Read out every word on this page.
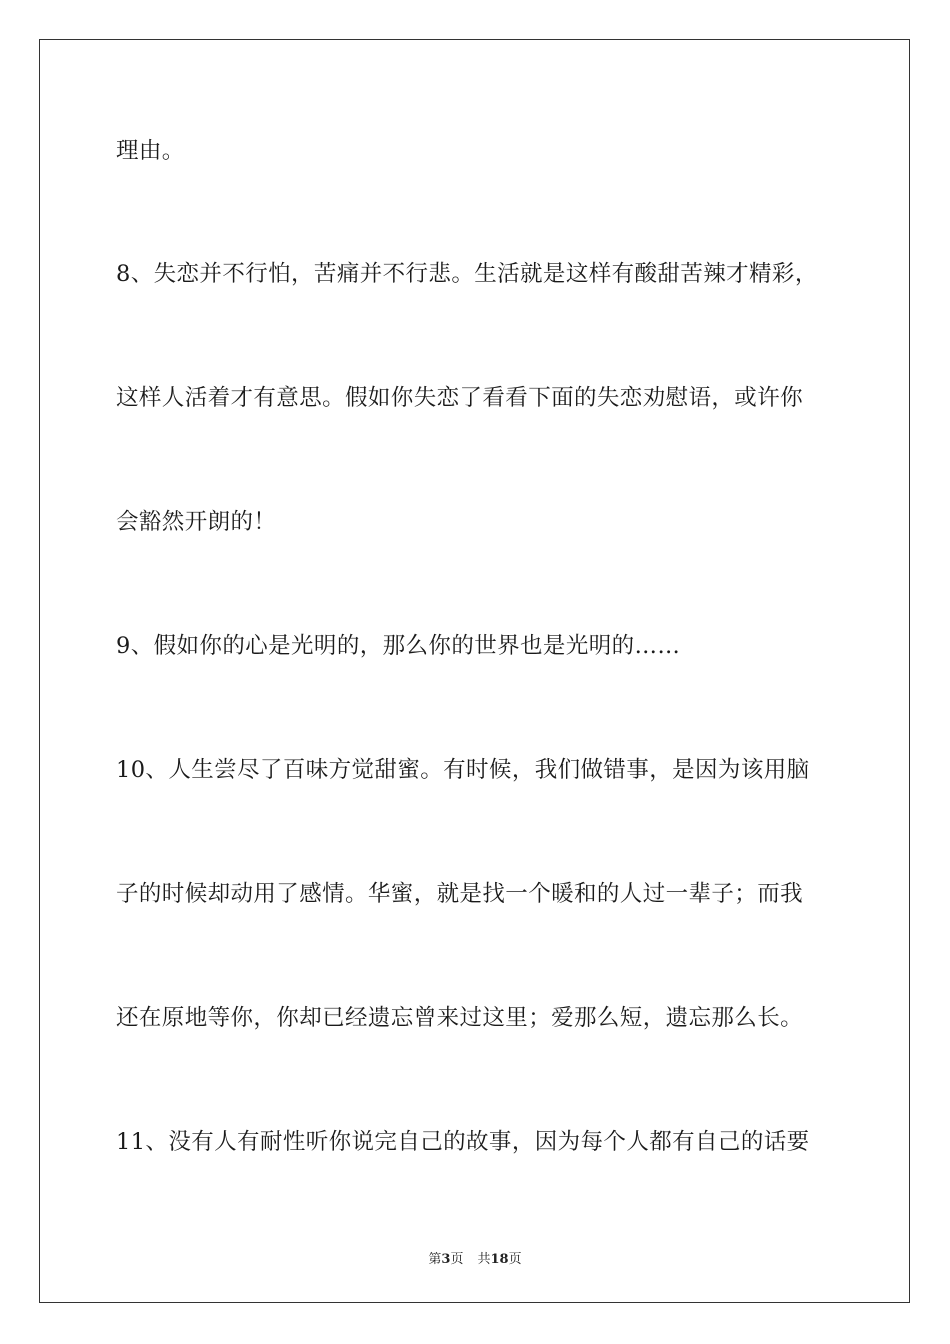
理由。

8、失恋并不行怕，苦痛并不行悲。生活就是这样有酸甜苦辣才精彩，

这样人活着才有意思。假如你失恋了看看下面的失恋劝慰语，或许你

会豁然开朗的！

9、假如你的心是光明的，那么你的世界也是光明的……

10、人生尝尽了百味方觉甜蜜。有时候，我们做错事，是因为该用脑

子的时候却动用了感情。华蜜，就是找一个暖和的人过一辈子；而我

还在原地等你，你却已经遗忘曾来过这里；爱那么短，遗忘那么长。

11、没有人有耐性听你说完自己的故事，因为每个人都有自己的话要

第3页 共18页
